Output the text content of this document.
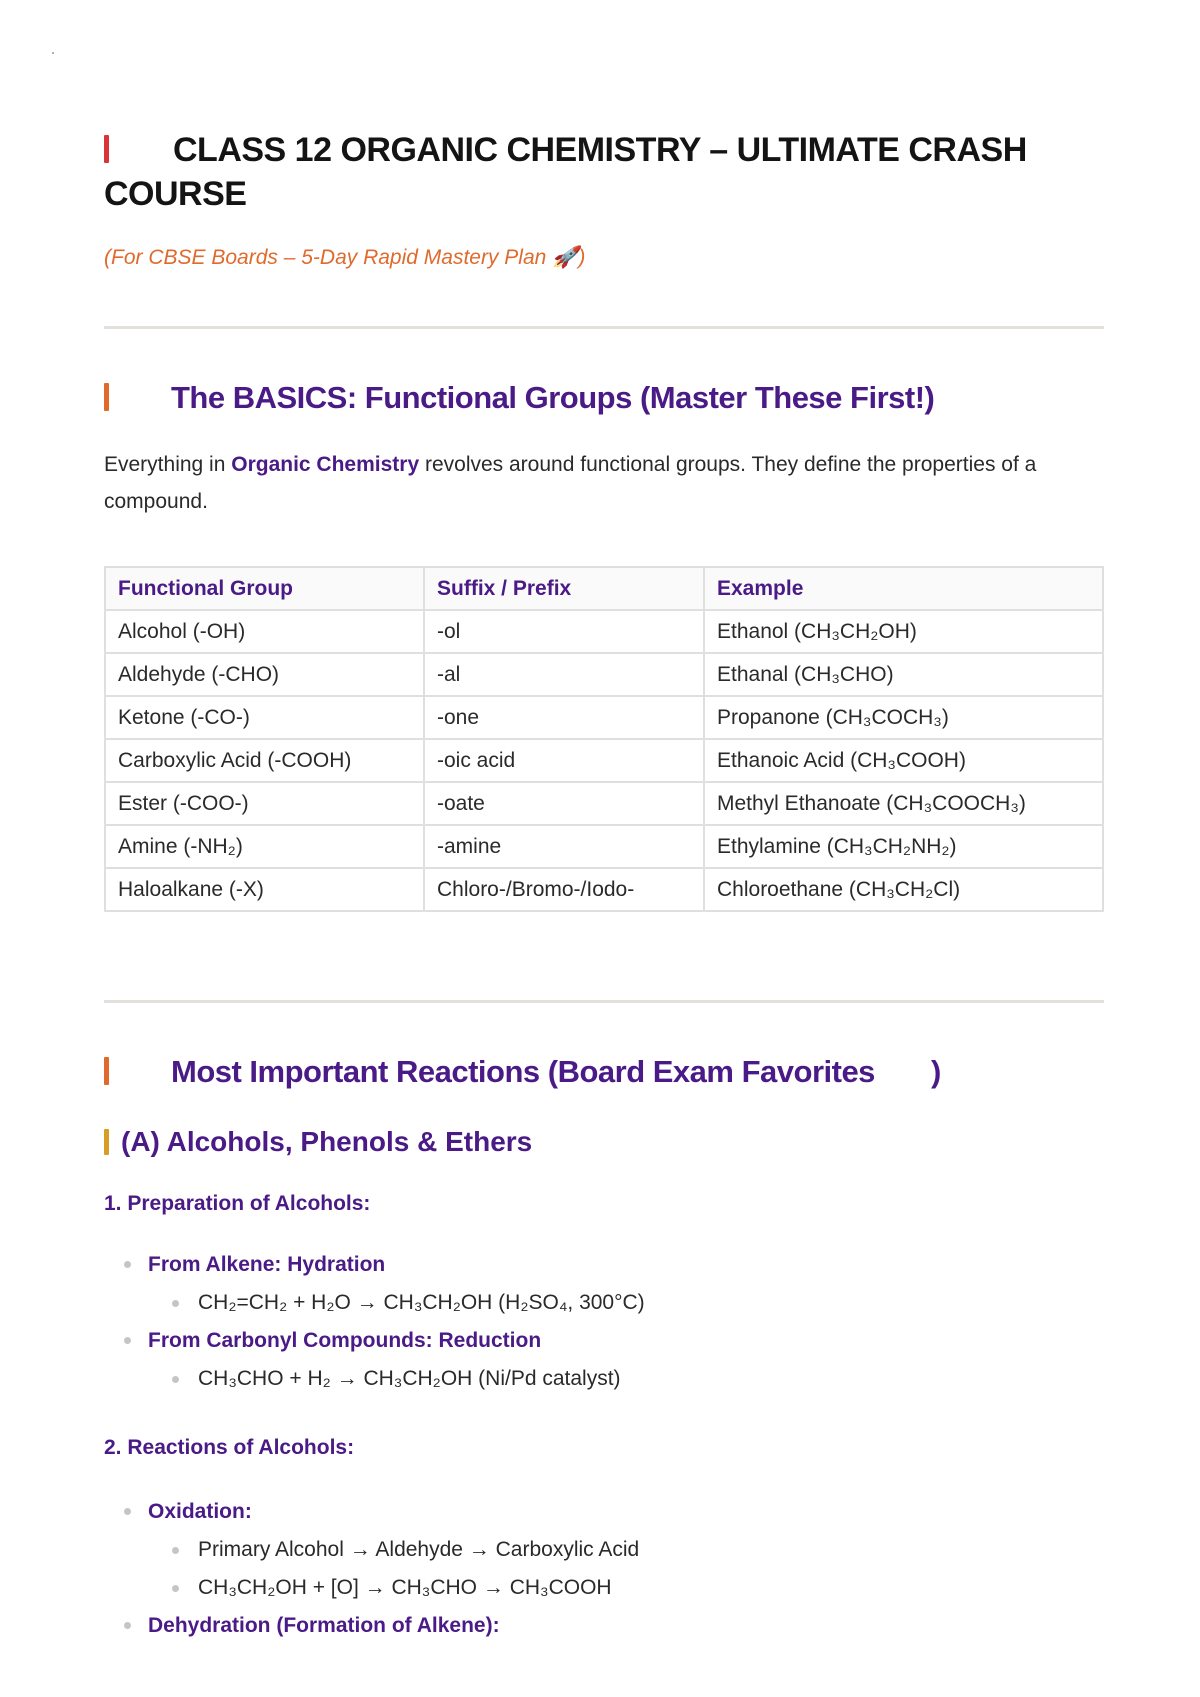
CLASS 12 ORGANIC CHEMISTRY – ULTIMATE CRASH COURSE
(For CBSE Boards – 5-Day Rapid Mastery Plan 🚀)
The BASICS: Functional Groups (Master These First!)
Everything in Organic Chemistry revolves around functional groups. They define the properties of a compound.
Functional Group	Suffix / Prefix	Example
Alcohol (-OH)	-ol	Ethanol (CH₃CH₂OH)
Aldehyde (-CHO)	-al	Ethanal (CH₃CHO)
Ketone (-CO-)	-one	Propanone (CH₃COCH₃)
Carboxylic Acid (-COOH)	-oic acid	Ethanoic Acid (CH₃COOH)
Ester (-COO-)	-oate	Methyl Ethanoate (CH₃COOCH₃)
Amine (-NH₂)	-amine	Ethylamine (CH₃CH₂NH₂)
Haloalkane (-X)	Chloro-/Bromo-/Iodo-	Chloroethane (CH₃CH₂Cl)
Most Important Reactions (Board Exam Favorites )
(A) Alcohols, Phenols & Ethers
1. Preparation of Alcohols:
From Alkene: Hydration
CH₂=CH₂ + H₂O → CH₃CH₂OH (H₂SO₄, 300°C)
From Carbonyl Compounds: Reduction
CH₃CHO + H₂ → CH₃CH₂OH (Ni/Pd catalyst)
2. Reactions of Alcohols:
Oxidation:
Primary Alcohol → Aldehyde → Carboxylic Acid
CH₃CH₂OH + [O] → CH₃CHO → CH₃COOH
Dehydration (Formation of Alkene):
